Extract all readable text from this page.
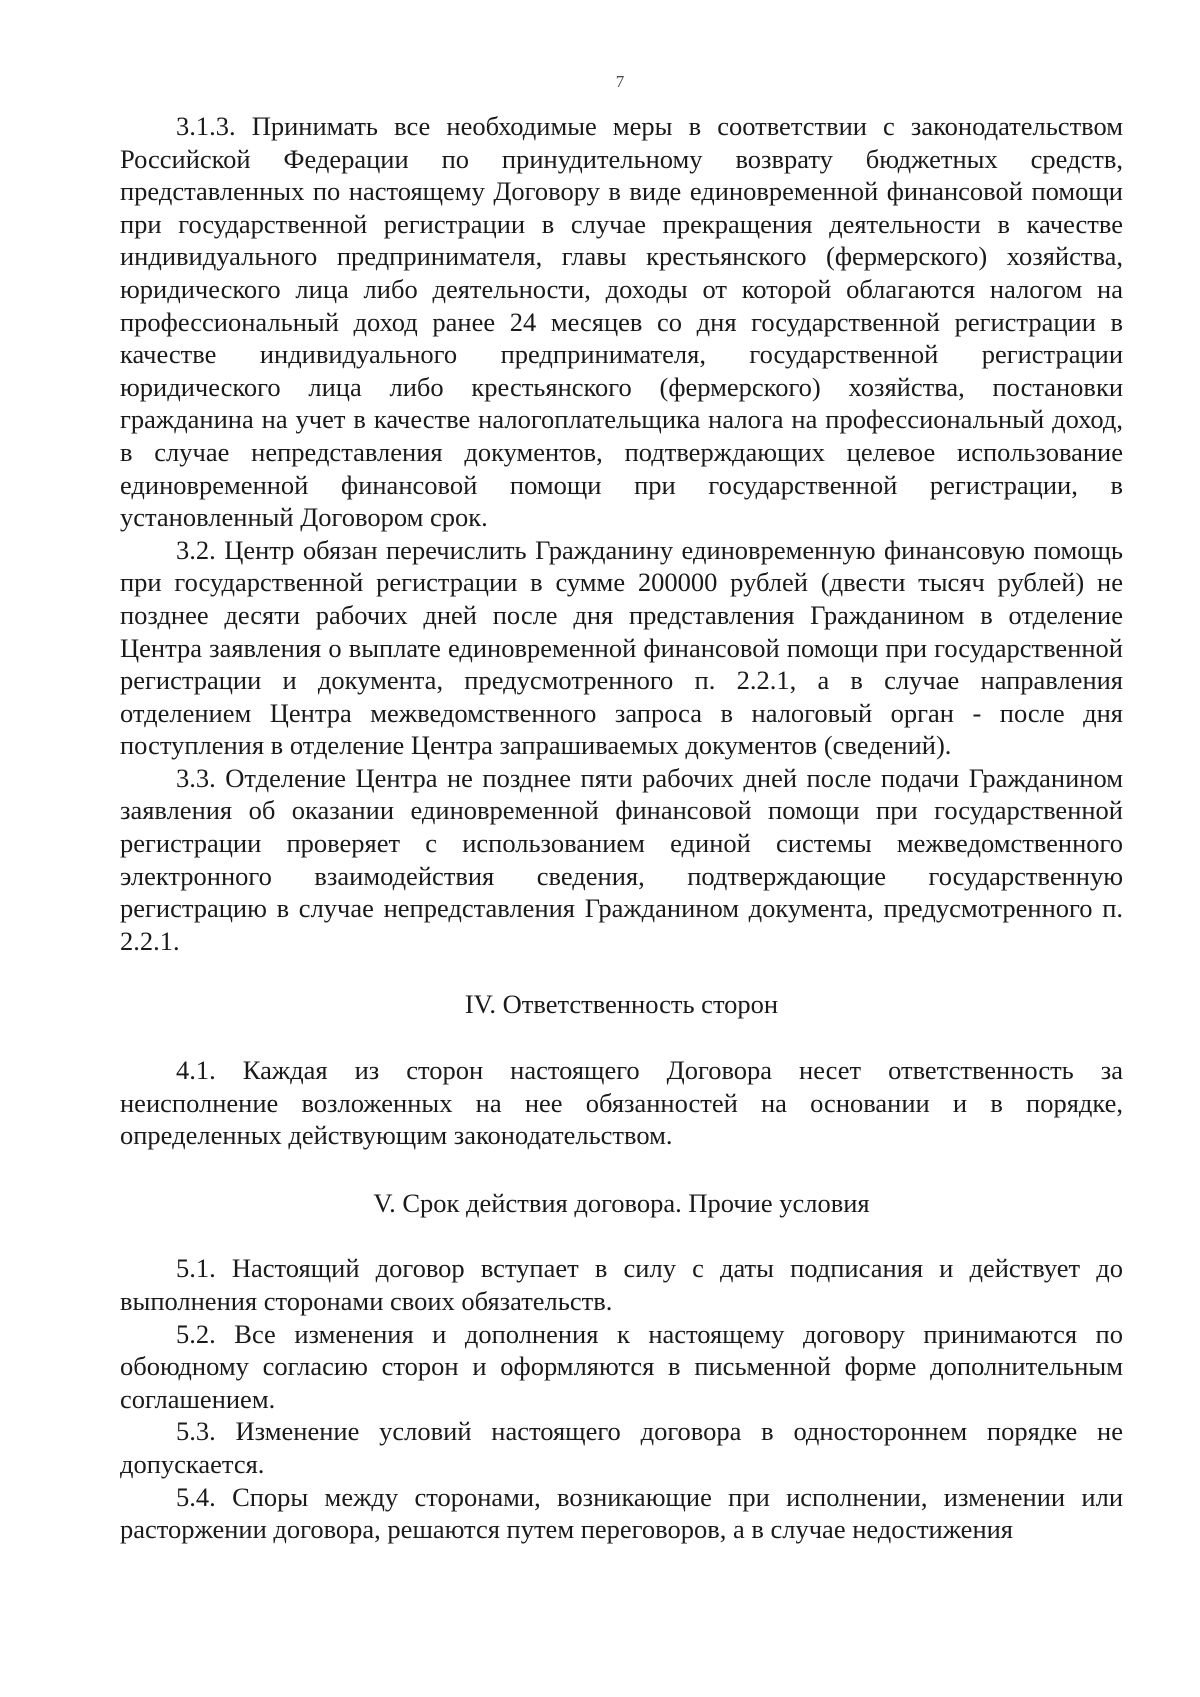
7

3.1.3. Принимать все необходимые меры в соответствии с законодательством Российской Федерации по принудительному возврату бюджетных средств, представленных по настоящему Договору в виде единовременной финансовой помощи при государственной регистрации в случае прекращения деятельности в качестве индивидуального предпринимателя, главы крестьянского (фермерского) хозяйства, юридического лица либо деятельности, доходы от которой облагаются налогом на профессиональный доход ранее 24 месяцев со дня государственной регистрации в качестве индивидуального предпринимателя, государственной регистрации юридического лица либо крестьянского (фермерского) хозяйства, постановки гражданина на учет в качестве налогоплательщика налога на профессиональный доход, в случае непредставления документов, подтверждающих целевое использование единовременной финансовой помощи при государственной регистрации, в установленный Договором срок.

3.2. Центр обязан перечислить Гражданину единовременную финансовую помощь при государственной регистрации в сумме 200000 рублей (двести тысяч рублей) не позднее десяти рабочих дней после дня представления Гражданином в отделение Центра заявления о выплате единовременной финансовой помощи при государственной регистрации и документа, предусмотренного п. 2.2.1, а в случае направления отделением Центра межведомственного запроса в налоговый орган - после дня поступления в отделение Центра запрашиваемых документов (сведений).

3.3. Отделение Центра не позднее пяти рабочих дней после подачи Гражданином заявления об оказании единовременной финансовой помощи при государственной регистрации проверяет с использованием единой системы межведомственного электронного взаимодействия сведения, подтверждающие государственную регистрацию в случае непредставления Гражданином документа, предусмотренного п. 2.2.1.

IV. Ответственность сторон

4.1. Каждая из сторон настоящего Договора несет ответственность за неисполнение возложенных на нее обязанностей на основании и в порядке, определенных действующим законодательством.

V. Срок действия договора. Прочие условия

5.1. Настоящий договор вступает в силу с даты подписания и действует до выполнения сторонами своих обязательств.

5.2. Все изменения и дополнения к настоящему договору принимаются по обоюдному согласию сторон и оформляются в письменной форме дополнительным соглашением.

5.3. Изменение условий настоящего договора в одностороннем порядке не допускается.

5.4. Споры между сторонами, возникающие при исполнении, изменении или расторжении договора, решаются путем переговоров, а в случае недостижения
